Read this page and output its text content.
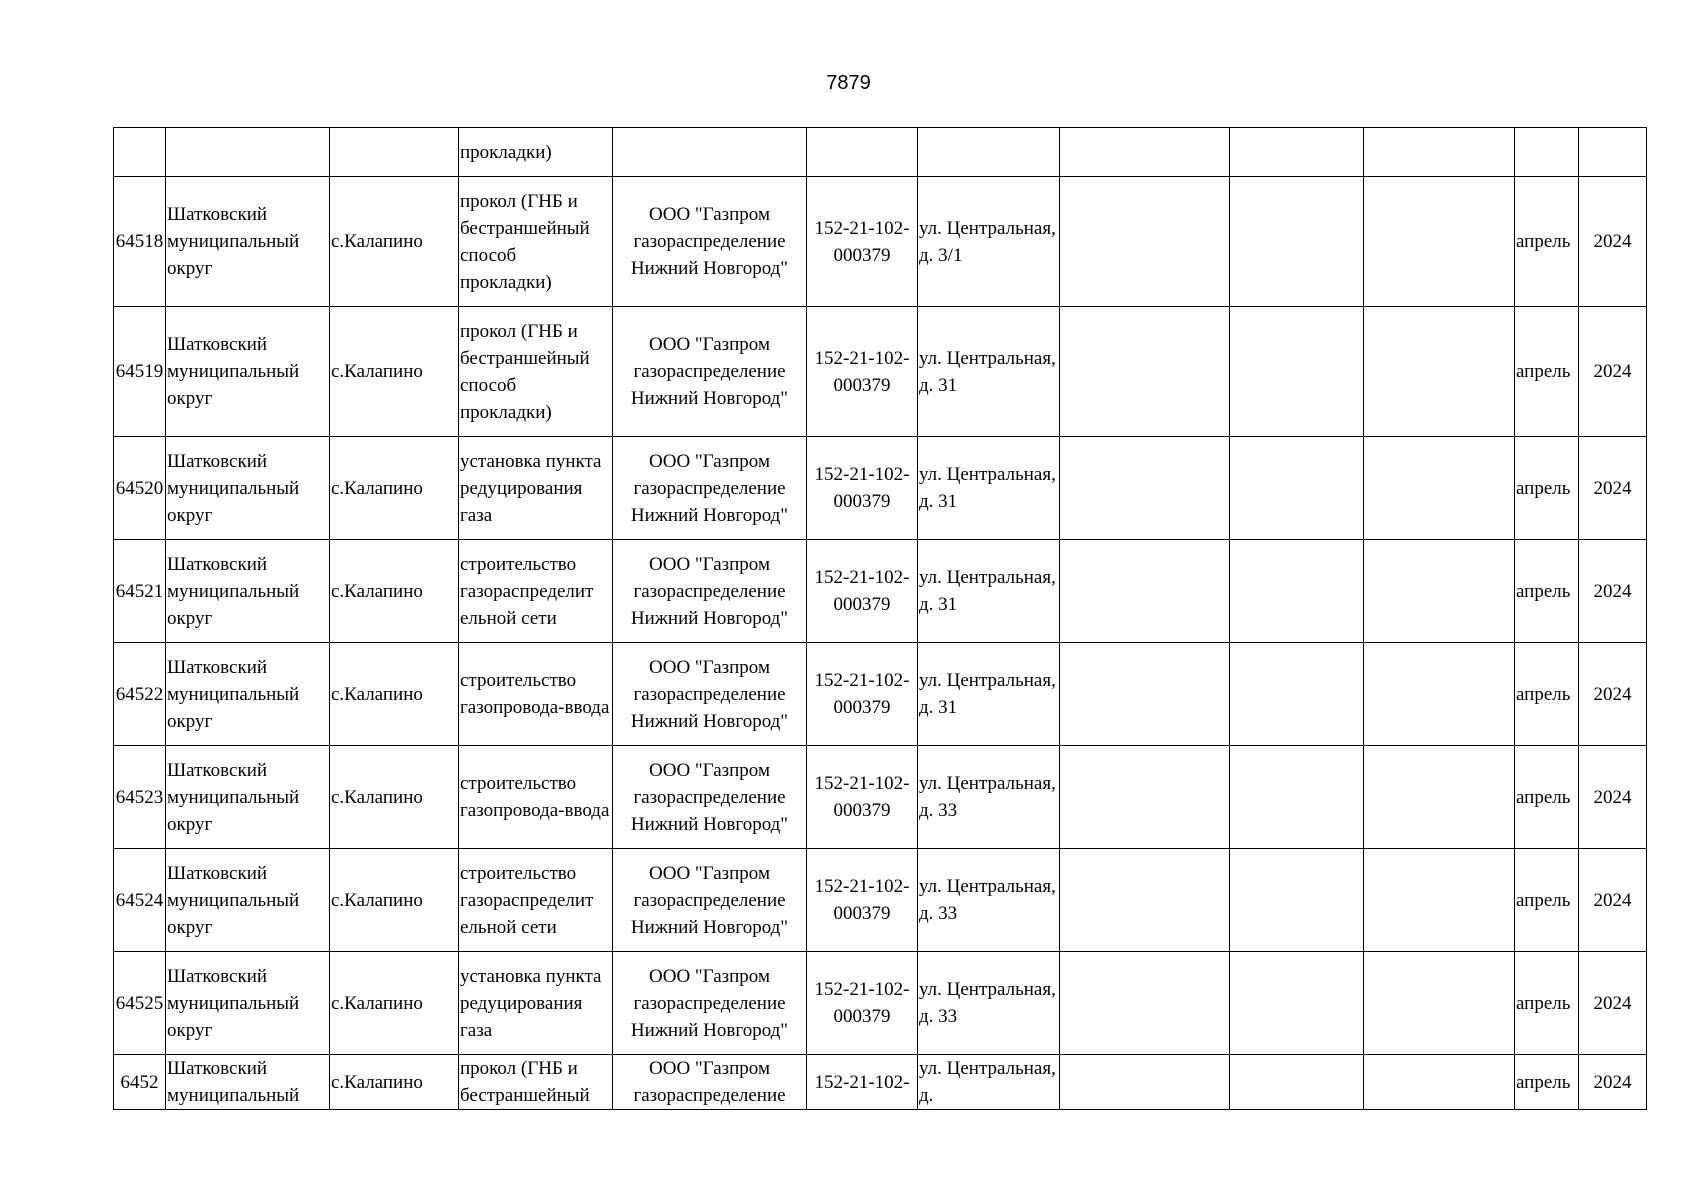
7879
			прокладки)								
64518	Шатковский муниципальный округ	с.Калапино	прокол (ГНБ и бестраншейный способ прокладки)	ООО "Газпром газораспределение Нижний Новгород"	152-21-102-000379	ул. Центральная, д. 3/1				апрель	2024
64519	Шатковский муниципальный округ	с.Калапино	прокол (ГНБ и бестраншейный способ прокладки)	ООО "Газпром газораспределение Нижний Новгород"	152-21-102-000379	ул. Центральная, д. 31				апрель	2024
64520	Шатковский муниципальный округ	с.Калапино	установка пункта редуцирования газа	ООО "Газпром газораспределение Нижний Новгород"	152-21-102-000379	ул. Центральная, д. 31				апрель	2024
64521	Шатковский муниципальный округ	с.Калапино	строительство газораспределит ельной сети	ООО "Газпром газораспределение Нижний Новгород"	152-21-102-000379	ул. Центральная, д. 31				апрель	2024
64522	Шатковский муниципальный округ	с.Калапино	строительство газопровода-ввода	ООО "Газпром газораспределение Нижний Новгород"	152-21-102-000379	ул. Центральная, д. 31				апрель	2024
64523	Шатковский муниципальный округ	с.Калапино	строительство газопровода-ввода	ООО "Газпром газораспределение Нижний Новгород"	152-21-102-000379	ул. Центральная, д. 33				апрель	2024
64524	Шатковский муниципальный округ	с.Калапино	строительство газораспределит ельной сети	ООО "Газпром газораспределение Нижний Новгород"	152-21-102-000379	ул. Центральная, д. 33				апрель	2024
64525	Шатковский муниципальный округ	с.Калапино	установка пункта редуцирования газа	ООО "Газпром газораспределение Нижний Новгород"	152-21-102-000379	ул. Центральная, д. 33				апрель	2024
6452	Шатковский муниципальный	с.Калапино	прокол (ГНБ и бестраншейный	ООО "Газпром газораспределение	152-21-102-	ул. Центральная, д.				апрель	2024
